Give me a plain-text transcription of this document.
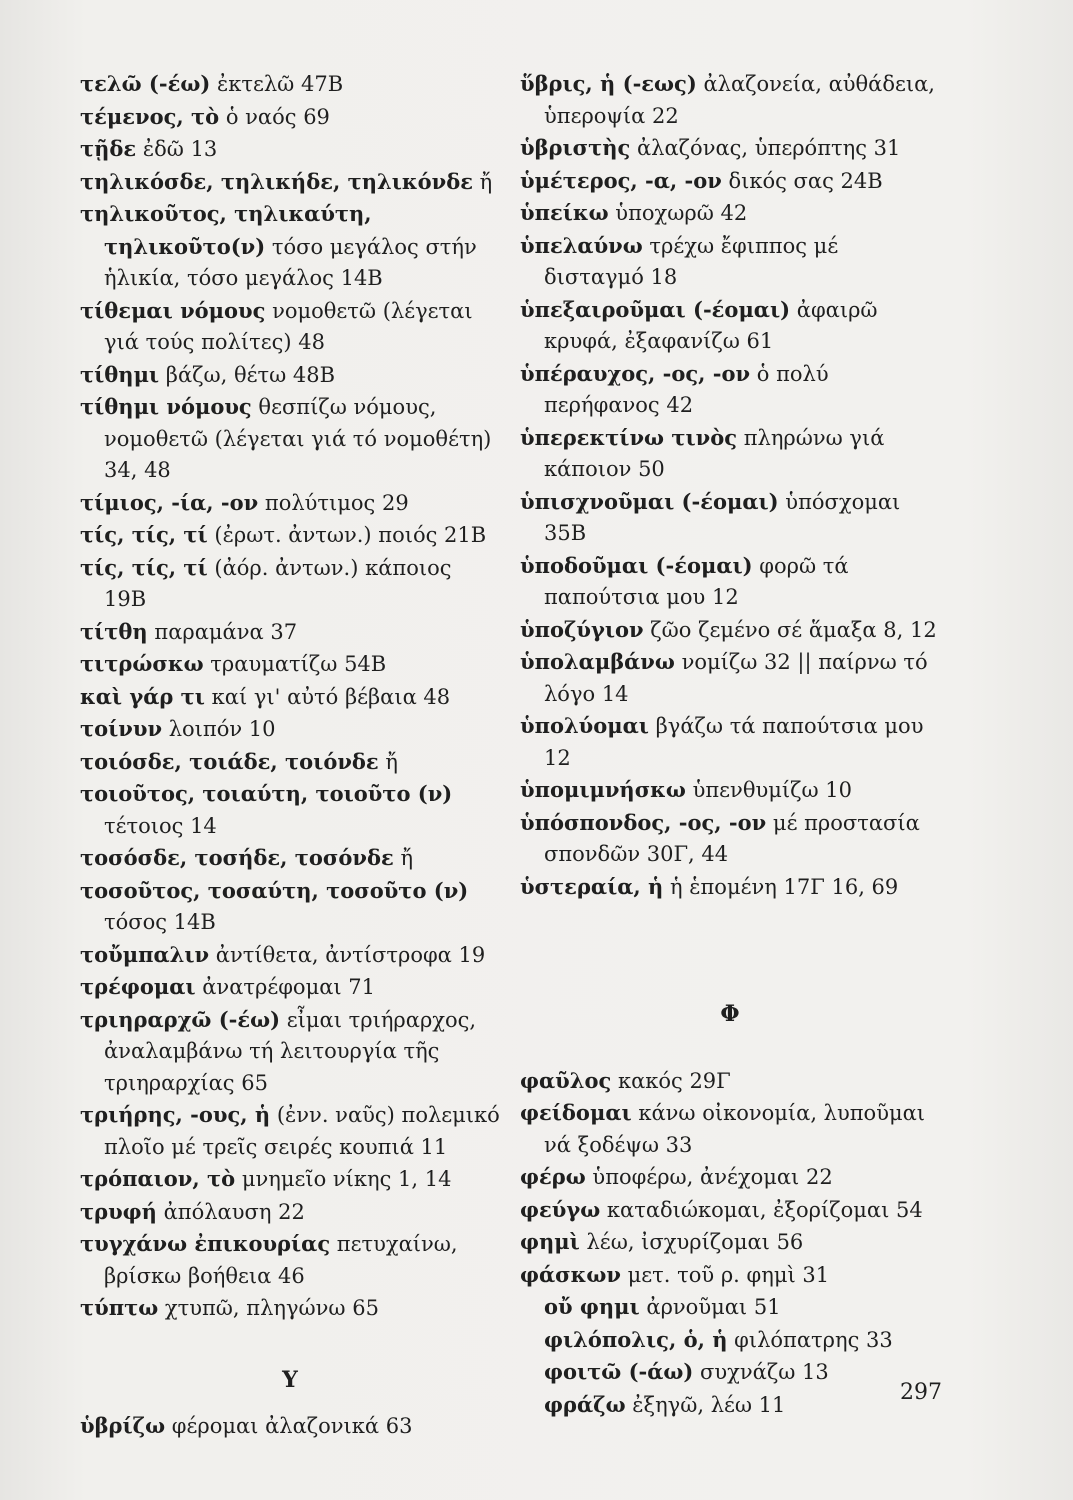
τελῶ (-έω) ἐκτελῶ 47Β

τέμενος, τὸ ὁ ναός 69

τῇδε ἐδῶ 13

τηλικόσδε, τηλικήδε, τηλικόνδε ἤ

τηλικοῦτος, τηλικαύτη, τηλικοῦτο(ν) τόσο μεγάλος στήν ἡλικία, τόσο μεγάλος 14Β

τίθεμαι νόμους νομοθετῶ (λέγεται γιά τούς πολίτες) 48

τίθημι βάζω, θέτω 48Β

τίθημι νόμους θεσπίζω νόμους, νομοθετῶ (λέγεται γιά τό νομοθέτη) 34, 48

τίμιος, -ία, -ον πολύτιμος 29

τίς, τίς, τί (ἐρωτ. ἀντων.) ποιός 21Β

τίς, τίς, τί (ἀόρ. ἀντων.) κάποιος 19Β

τίτθη παραμάνα 37

τιτρώσκω τραυματίζω 54Β

καὶ γάρ τι καί γι' αὐτό βέβαια 48

τοίνυν λοιπόν 10

τοιόσδε, τοιάδε, τοιόνδε ἤ

τοιοῦτος, τοιαύτη, τοιοῦτο (ν) τέτοιος 14

τοσόσδε, τοσήδε, τοσόνδε ἤ

τοσοῦτος, τοσαύτη, τοσοῦτο (ν) τόσος 14Β

τοὔμπαλιν ἀντίθετα, ἀντίστροφα 19

τρέφομαι ἀνατρέφομαι 71

τριηραρχῶ (-έω) εἶμαι τριήραρχος, ἀναλαμβάνω τή λειτουργία τῆς τριηραρχίας 65

τριήρης, -ους, ἡ (ἐνν. ναῦς) πολεμικό πλοῖο μέ τρεῖς σειρές κουπιά 11

τρόπαιον, τὸ μνημεῖο νίκης 1, 14

τρυφή ἀπόλαυση 22

τυγχάνω ἐπικουρίας πετυχαίνω, βρίσκω βοήθεια 46

τύπτω χτυπῶ, πληγώνω 65

Υ

ὑβρίζω φέρομαι ἀλαζονικά 63

ὕβρις, ἡ (-εως) ἀλαζονεία, αὐθάδεια, ὑπεροψία 22

ὑβριστὴς ἀλαζόνας, ὑπερόπτης 31

ὑμέτερος, -α, -ον δικός σας 24Β

ὑπείκω ὑποχωρῶ 42

ὑπελαύνω τρέχω ἔφιππος μέ δισταγμό 18

ὑπεξαιροῦμαι (-έομαι) ἀφαιρῶ κρυφά, ἐξαφανίζω 61

ὑπέραυχος, -ος, -ον ὁ πολύ περήφανος 42

ὑπερεκτίνω τινὸς πληρώνω γιά κάποιον 50

ὑπισχνοῦμαι (-έομαι) ὑπόσχομαι 35Β

ὑποδοῦμαι (-έομαι) φορῶ τά παπούτσια μου 12

ὑποζύγιον ζῶο ζεμένο σέ ἅμαξα 8, 12

ὑπολαμβάνω νομίζω 32 || παίρνω τό λόγο 14

ὑπολύομαι βγάζω τά παπούτσια μου 12

ὑπομιμνήσκω ὑπενθυμίζω 10

ὑπόσπονδος, -ος, -ον μέ προστασία σπονδῶν 30Γ, 44

ὑστεραία, ἡ ἡ ἑπομένη 17Γ 16, 69

Φ

φαῦλος κακός 29Γ

φείδομαι κάνω οἰκονομία, λυποῦμαι νά ξοδέψω 33

φέρω ὑποφέρω, ἀνέχομαι 22

φεύγω καταδιώκομαι, ἐξορίζομαι 54

φημὶ λέω, ἰσχυρίζομαι 56

φάσκων μετ. τοῦ ρ. φημὶ 31

οὔ φημι ἀρνοῦμαι 51

φιλόπολις, ὁ, ἡ φιλόπατρης 33

φοιτῶ (-άω) συχνάζω 13

φράζω ἐξηγῶ, λέω 11	297
